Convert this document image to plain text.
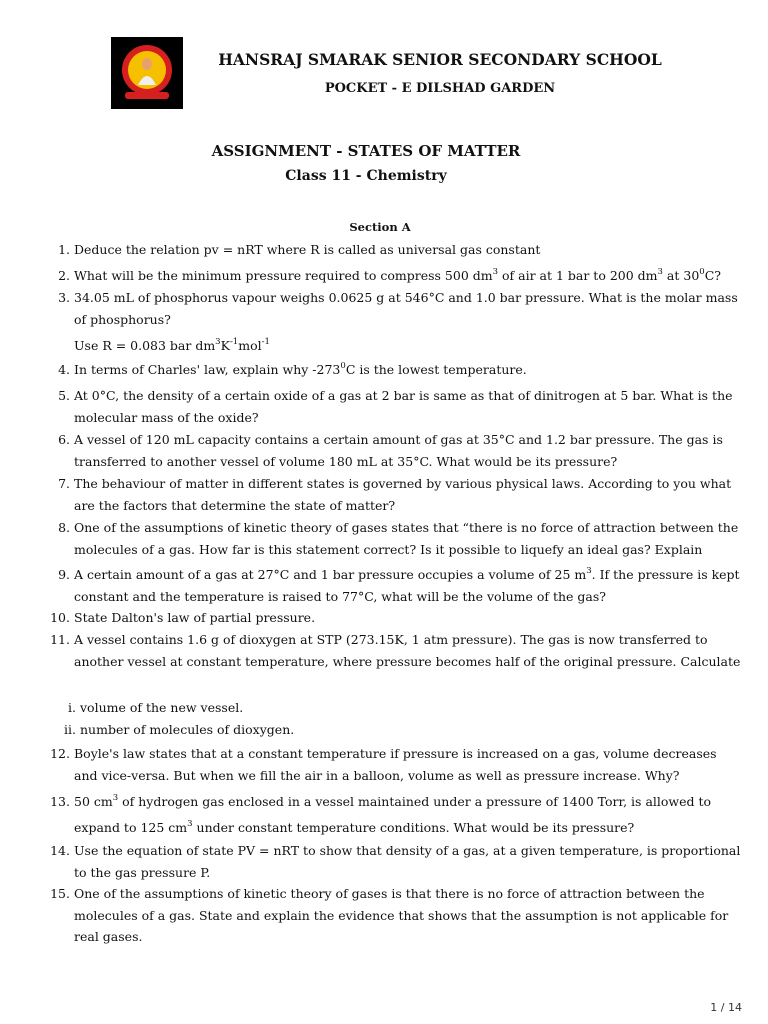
HANSRAJ SMARAK SENIOR SECONDARY SCHOOL
POCKET - E DILSHAD GARDEN
ASSIGNMENT - STATES OF MATTER
Class 11 - Chemistry
Section A
1. Deduce the relation pv = nRT where R is called as universal gas constant
2. What will be the minimum pressure required to compress 500 $dm^3$ of air at 1 bar to 200 $dm^3$ at $30^0C$?
3. 34.05 mL of phosphorus vapour weighs 0.0625 g at 546°C and 1.0 bar pressure. What is the molar mass of phosphorus?
Use R = 0.083 bar $dm^3K^{-1}mol^{-1}$
4. In terms of Charles' law, explain why $-273^0C$ is the lowest temperature.
5. At 0°C, the density of a certain oxide of a gas at 2 bar is same as that of dinitrogen at 5 bar. What is the molecular mass of the oxide?
6. A vessel of 120 mL capacity contains a certain amount of gas at 35°C and 1.2 bar pressure. The gas is transferred to another vessel of volume 180 mL at 35°C. What would be its pressure?
7. The behaviour of matter in different states is governed by various physical laws. According to you what are the factors that determine the state of matter?
8. One of the assumptions of kinetic theory of gases states that “there is no force of attraction between the molecules of a gas. How far is this statement correct? Is it possible to liquefy an ideal gas? Explain
9. A certain amount of a gas at 27°C and 1 bar pressure occupies a volume of 25 $m^3$. If the pressure is kept constant and the temperature is raised to 77°C, what will be the volume of the gas?
10. State Dalton's law of partial pressure.
11. A vessel contains 1.6 g of dioxygen at STP (273.15K, 1 atm pressure). The gas is now transferred to another vessel at constant temperature, where pressure becomes half of the original pressure. Calculate
i. volume of the new vessel.
ii. number of molecules of dioxygen.
12. Boyle's law states that at a constant temperature if pressure is increased on a gas, volume decreases and vice-versa. But when we fill the air in a balloon, volume as well as pressure increase. Why?
13. 50 $cm^3$ of hydrogen gas enclosed in a vessel maintained under a pressure of 1400 Torr, is allowed to
expand to 125 $cm^3$ under constant temperature conditions. What would be its pressure?
14. Use the equation of state PV = nRT to show that density of a gas, at a given temperature, is proportional to the gas pressure P.
15. One of the assumptions of kinetic theory of gases is that there is no force of attraction between the molecules of a gas. State and explain the evidence that shows that the assumption is not applicable for real gases.
1 / 14
